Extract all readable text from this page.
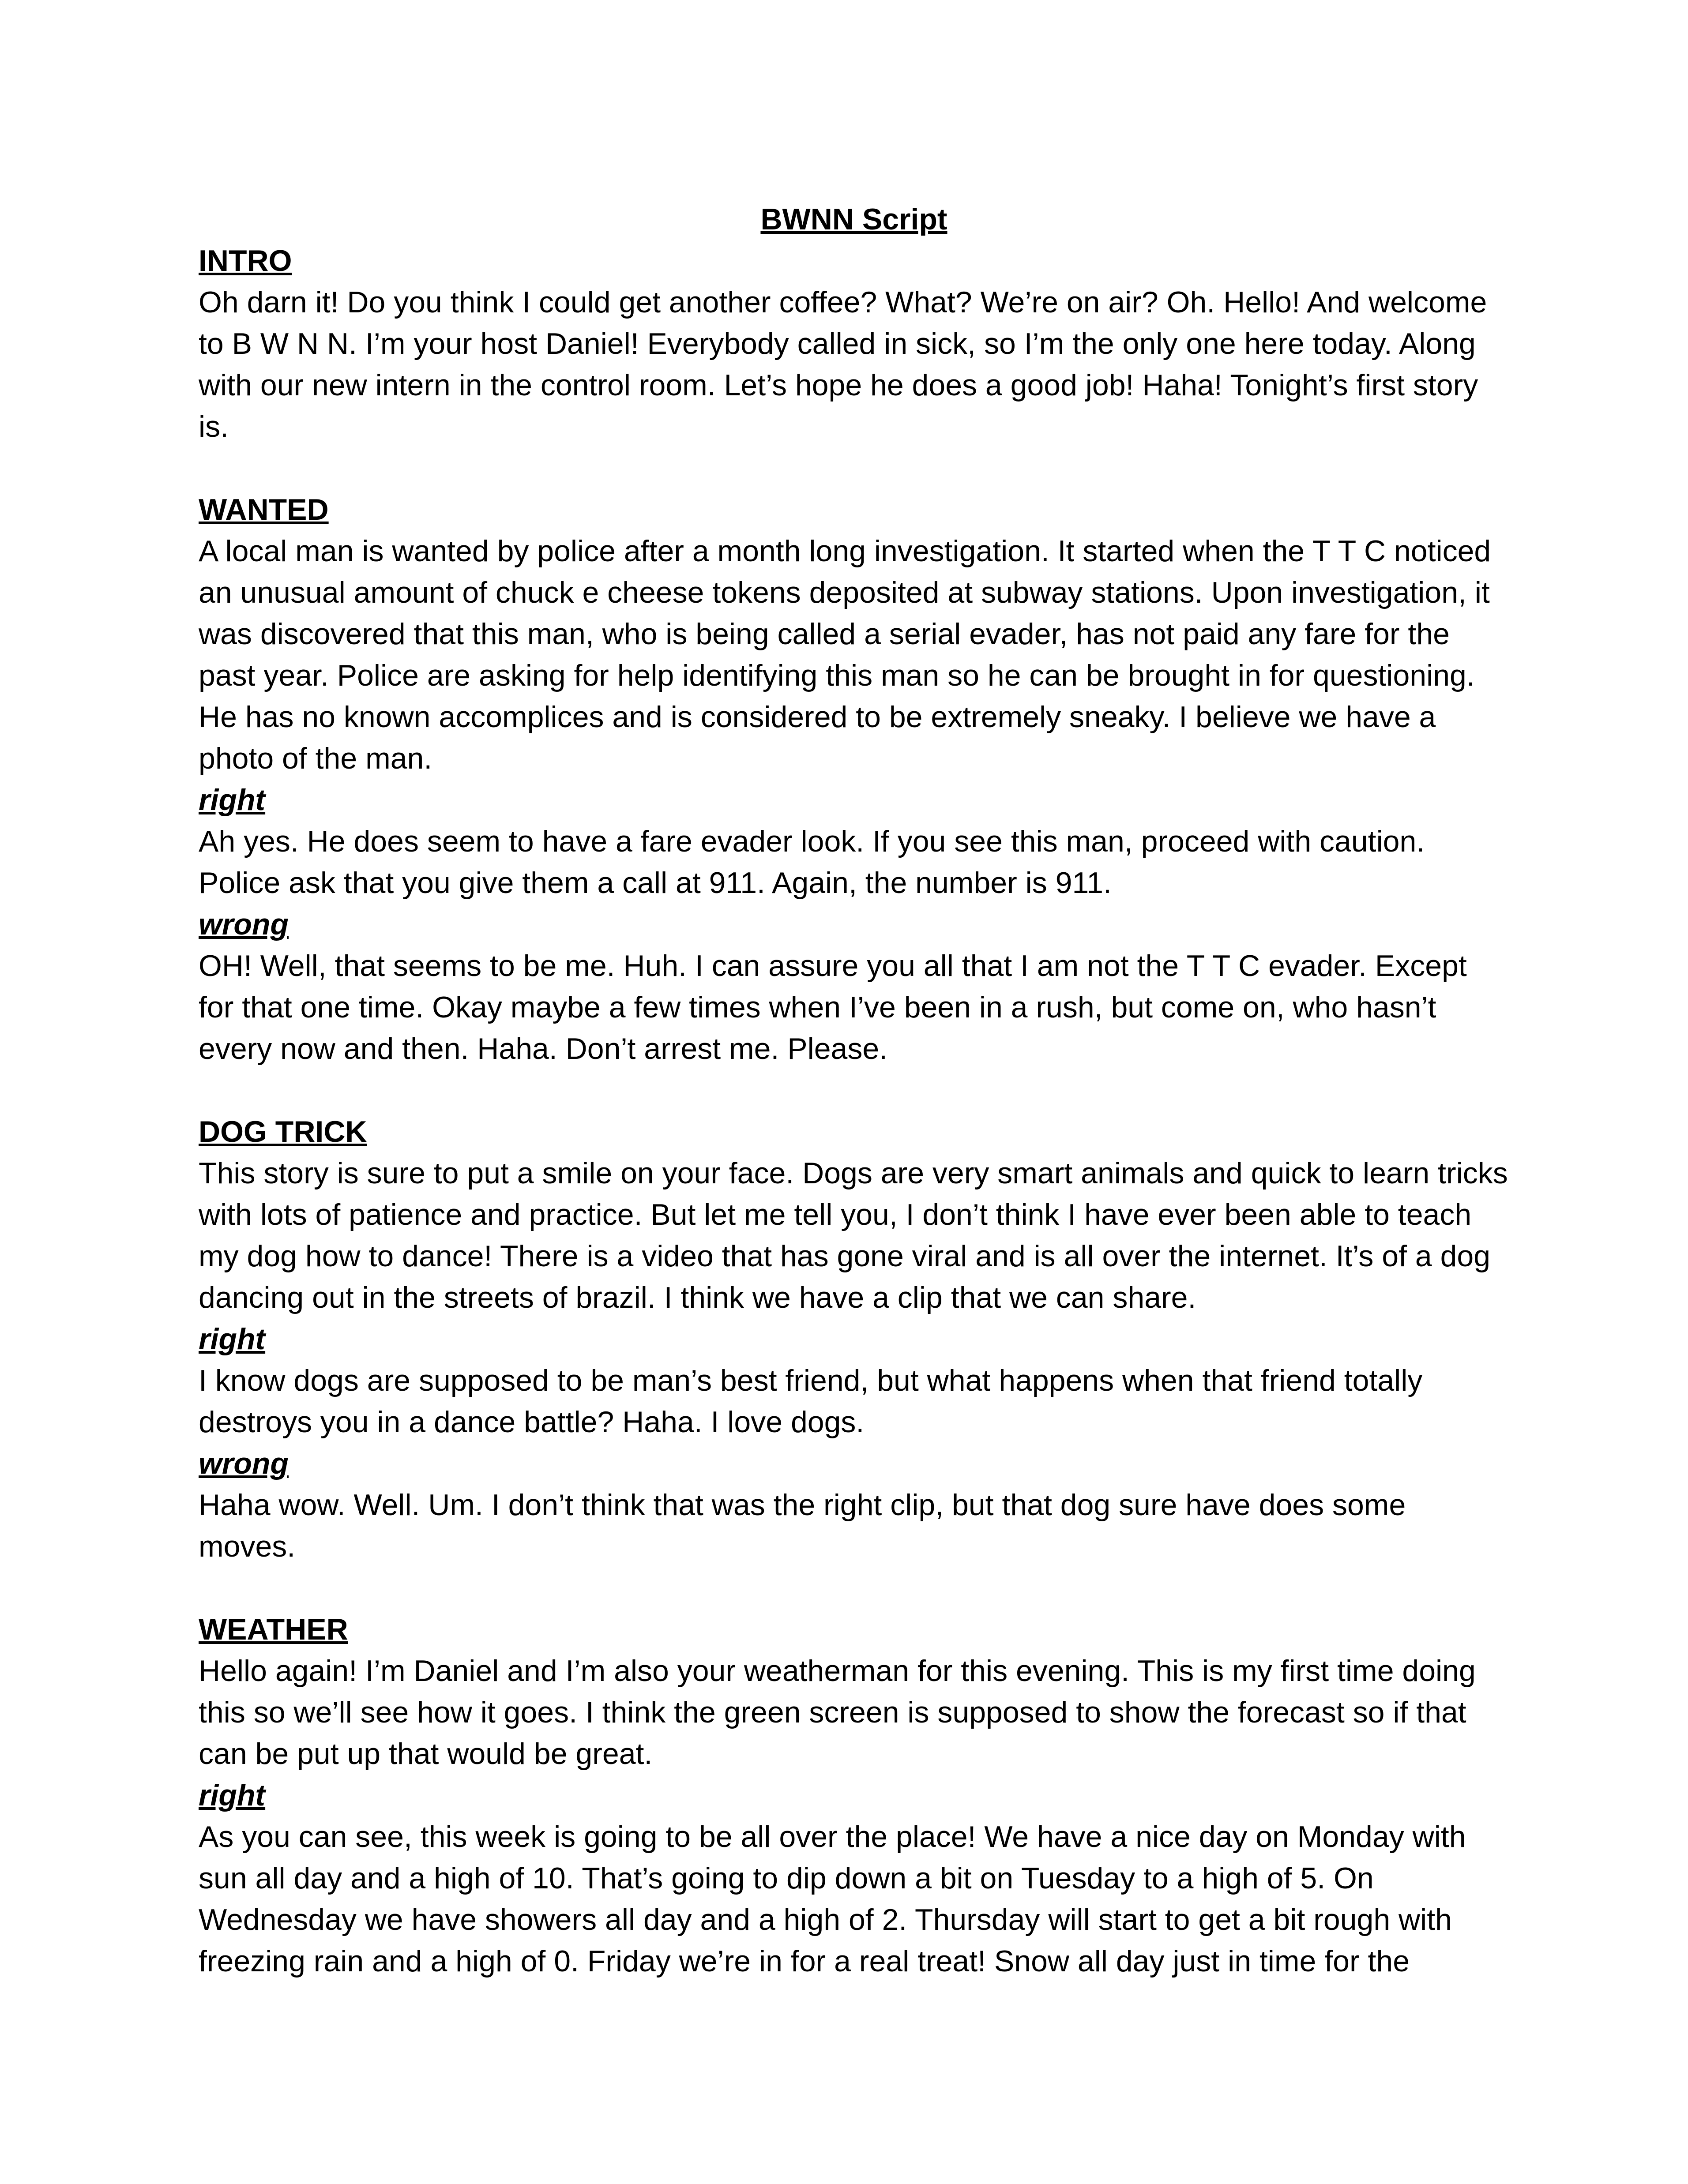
BWNN Script

INTRO

Oh darn it! Do you think I could get another coffee? What? We’re on air? Oh. Hello! And welcome to B W N N. I’m your host Daniel! Everybody called in sick, so I’m the only one here today. Along with our new intern in the control room. Let’s hope he does a good job! Haha! Tonight’s first story is.

WANTED

A local man is wanted by police after a month long investigation. It started when the T T C noticed an unusual amount of chuck e cheese tokens deposited at subway stations. Upon investigation, it was discovered that this man, who is being called a serial evader, has not paid any fare for the past year. Police are asking for help identifying this man so he can be brought in for questioning. He has no known accomplices and is considered to be extremely sneaky. I believe we have a photo of the man.

right

Ah yes. He does seem to have a fare evader look. If you see this man, proceed with caution. Police ask that you give them a call at 911. Again, the number is 911.

wrong

OH! Well, that seems to be me. Huh. I can assure you all that I am not the T T C evader. Except for that one time. Okay maybe a few times when I’ve been in a rush, but come on, who hasn’t every now and then. Haha. Don’t arrest me. Please.

DOG TRICK

This story is sure to put a smile on your face. Dogs are very smart animals and quick to learn tricks with lots of patience and practice. But let me tell you, I don’t think I have ever been able to teach my dog how to dance! There is a video that has gone viral and is all over the internet. It’s of a dog dancing out in the streets of brazil. I think we have a clip that we can share.

right

I know dogs are supposed to be man’s best friend, but what happens when that friend totally destroys you in a dance battle? Haha. I love dogs.

wrong

Haha wow. Well. Um. I don’t think that was the right clip, but that dog sure have does some moves.

WEATHER

Hello again! I’m Daniel and I’m also your weatherman for this evening. This is my first time doing this so we’ll see how it goes. I think the green screen is supposed to show the forecast so if that can be put up that would be great.

right

As you can see, this week is going to be all over the place! We have a nice day on Monday with sun all day and a high of 10. That’s going to dip down a bit on Tuesday to a high of 5. On Wednesday we have showers all day and a high of 2. Thursday will start to get a bit rough with freezing rain and a high of 0. Friday we’re in for a real treat! Snow all day just in time for the
